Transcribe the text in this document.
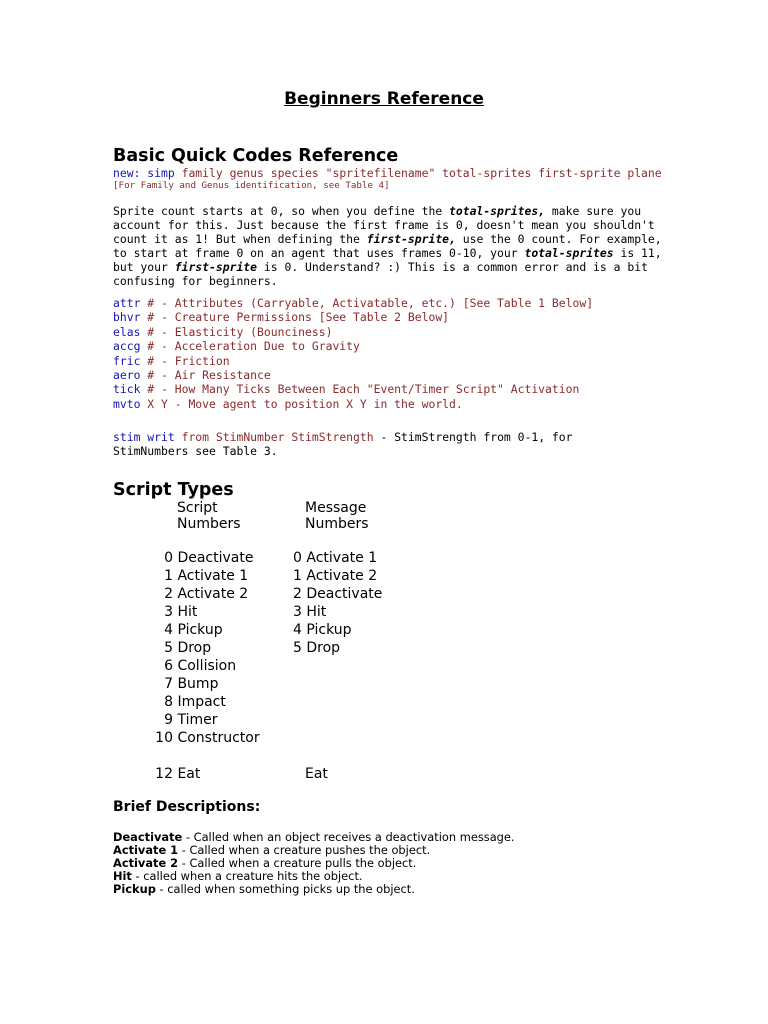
Beginners Reference
Basic Quick Codes Reference
new: simp family genus species "spritefilename" total-sprites first-sprite plane
[For Family and Genus identification, see Table 4]

Sprite count starts at 0, so when you define the total-sprites, make sure you account for this. Just because the first frame is 0, doesn't mean you shouldn't count it as 1! But when defining the first-sprite, use the 0 count. For example, to start at frame 0 on an agent that uses frames 0-10, your total-sprites is 11, but your first-sprite is 0. Understand? :) This is a common error and is a bit confusing for beginners.

attr # - Attributes (Carryable, Activatable, etc.) [See Table 1 Below]
bhvr # - Creature Permissions [See Table 2 Below]
elas # - Elasticity (Bounciness)
accg # - Acceleration Due to Gravity
fric # - Friction
aero # - Air Resistance
tick # - How Many Ticks Between Each "Event/Timer Script" Activation
mvto X Y - Move agent to position X Y in the world.
stim writ from StimNumber StimStrength - StimStrength from 0-1, for
StimNumbers see Table 3.
Script Types
Script
Numbers
Message
Numbers
0 Deactivate
1 Activate 1
2 Activate 2
3 Hit
4 Pickup
5 Drop
6 Collision
7 Bump
8 Impact
9 Timer
10 Constructor
12 Eat
0 Activate 1
1 Activate 2
2 Deactivate
3 Hit
4 Pickup
5 Drop
Eat
Brief Descriptions:
Deactivate - Called when an object receives a deactivation message.
Activate 1 - Called when a creature pushes the object.
Activate 2 - Called when a creature pulls the object.
Hit - called when a creature hits the object.
Pickup - called when something picks up the object.
